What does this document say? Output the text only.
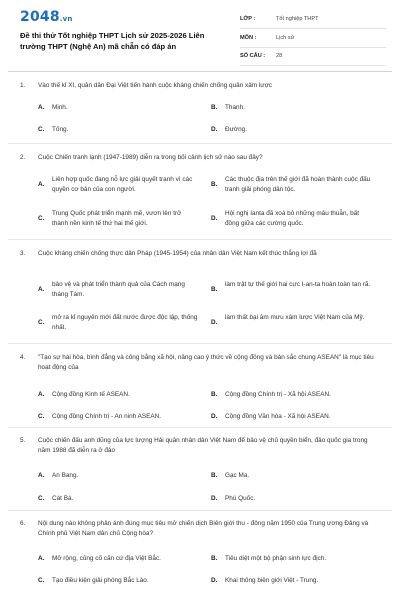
2048.vn
Đề thi thử Tốt nghiệp THPT Lịch sử 2025-2026 Liên trường THPT (Nghệ An) mã chẵn có đáp án
LỚP :	Tốt nghiệp THPT
MÔN :	Lịch sử
SỐ CÂU :	28
1. Vào thế kỉ XI, quân dân Đại Việt tiến hành cuộc kháng chiến chống quân xâm lược
A. Minh.	B. Thanh.
C. Tống.	D. Đường.
2. Cuộc Chiến tranh lạnh (1947-1989) diễn ra trong bối cảnh lịch sử nào sau đây?
A.
Liên hợp quốc đang nỗ lực giải quyết tranh vì các quyền cơ bản của con người.
B.
Các thuộc địa trên thế giới đã hoàn thành cuộc đấu tranh giải phóng dân tộc.
C.
Trung Quốc phát triển mạnh mẽ, vươn lên trở thành nền kinh tế thứ hai thế giới.
D.
Hội nghị Ianta đã xoá bỏ những mâu thuẫn, bất đồng giữa các cường quốc.
3. Cuộc kháng chiến chống thực dân Pháp (1945-1954) của nhân dân Việt Nam kết thúc thắng lợi đã
A.
bảo vệ và phát triển thành quả của Cách mạng tháng Tám.
B.
làm trật tự thế giới hai cực I-an-ta hoàn toàn tan rã.
C.
mở ra kỉ nguyên mới đất nước được độc lập, thống nhất.
D.
làm thất bại âm mưu xâm lược Việt Nam của Mỹ.
4. "Tạo sự hài hòa, bình đẳng và công bằng xã hội, nâng cao ý thức về cộng đồng và bản sắc chung ASEAN" là mục tiêu hoạt động của
A. Cộng đồng Kinh tế ASEAN.	B. Cộng đồng Chính trị - Xã hội ASEAN.
C. Cộng đồng Chính trị - An ninh ASEAN.	D. Cộng đồng Văn hóa - Xã hội ASEAN.
5. Cuộc chiến đấu anh dũng của lực lượng Hải quân nhân dân Việt Nam để bảo vệ chủ quyền biển, đảo quốc gia trong năm 1988 đã diễn ra ở đảo
A. An Bang.	B. Gạc Ma.
C. Cát Bà.	D. Phú Quốc.
6. Nội dung nào không phản ánh đúng mục tiêu mở chiến dịch Biên giới thu - đông năm 1950 của Trung ương Đảng và Chính phủ Việt Nam dân chủ Cộng hòa?
A. Mở rộng, củng cố căn cứ địa Việt Bắc.	B. Tiêu diệt một bộ phận sinh lực địch.
C. Tạo điều kiện giải phóng Bắc Lào.	D. Khai thông biên giới Việt - Trung.
